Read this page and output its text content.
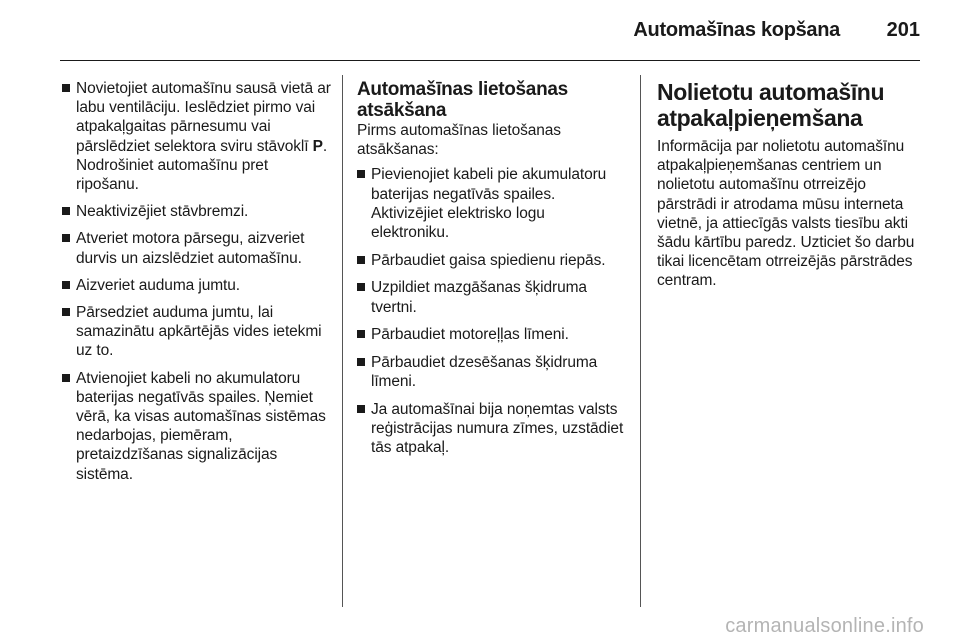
Automašīnas kopšana 201
Novietojiet automašīnu sausā vietā ar labu ventilāciju. Ieslēdziet pirmo vai atpakaļgaitas pārnesumu vai pārslēdziet selektora sviru stāvoklī P. Nodrošiniet automašīnu pret ripošanu.
Neaktivizējiet stāvbremzi.
Atveriet motora pārsegu, aizveriet durvis un aizslēdziet automašīnu.
Aizveriet auduma jumtu.
Pārsedziet auduma jumtu, lai samazinātu apkārtējās vides ietekmi uz to.
Atvienojiet kabeli no akumulatoru baterijas negatīvās spailes. Ņemiet vērā, ka visas automašīnas sistēmas nedarbojas, piemēram, pretaizdzīšanas signalizācijas sistēma.
Automašīnas lietošanas atsākšana

Pirms automašīnas lietošanas atsākšanas:

Pievienojiet kabeli pie akumulatoru baterijas negatīvās spailes. Aktivizējiet elektrisko logu elektroniku.
Pārbaudiet gaisa spiedienu riepās.
Uzpildiet mazgāšanas šķidruma tvertni.
Pārbaudiet motoreļļas līmeni.
Pārbaudiet dzesēšanas šķidruma līmeni.
Ja automašīnai bija noņemtas valsts reģistrācijas numura zīmes, uzstādiet tās atpakaļ.
Nolietotu automašīnu atpakaļpieņemšana

Informācija par nolietotu automašīnu atpakaļpieņemšanas centriem un nolietotu automašīnu otrreizējo pārstrādi ir atrodama mūsu interneta vietnē, ja attiecīgās valsts tiesību akti šādu kārtību paredz. Uzticiet šo darbu tikai licencētam otrreizējās pārstrādes centram.

carmanualsonline.info
